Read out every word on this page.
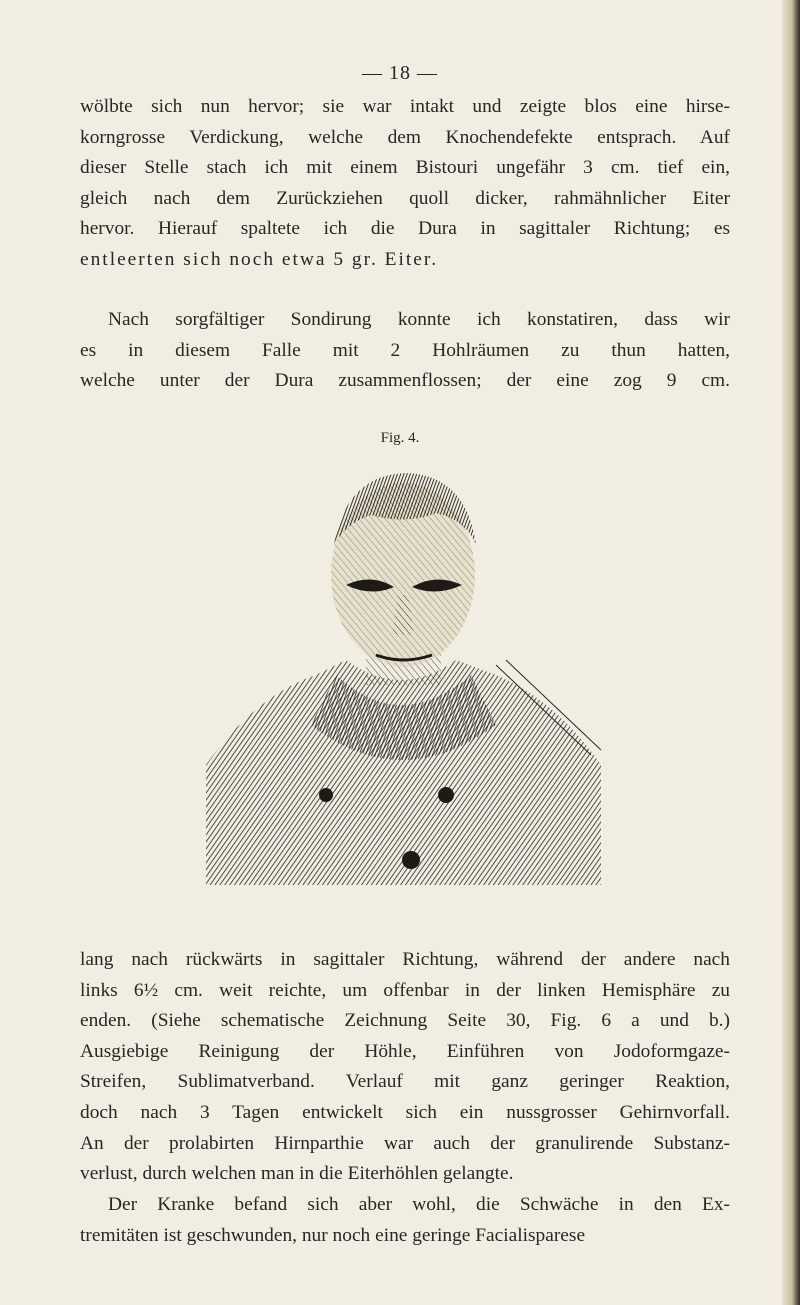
— 18 —

wölbte sich nun hervor; sie war intakt und zeigte blos eine hirse-
korngrosse Verdickung, welche dem Knochendefekte entsprach. Auf
dieser Stelle stach ich mit einem Bistouri ungefähr 3 cm. tief ein,
gleich nach dem Zurückziehen quoll dicker, rahmähnlicher Eiter
hervor. Hierauf spaltete ich die Dura in sagittaler Richtung; es
entleerten sich noch etwa 5 gr. Eiter.

Nach sorgfältiger Sondirung konnte ich konstatiren, dass wir
es in diesem Falle mit 2 Hohlräumen zu thun hatten,
welche unter der Dura zusammenflossen; der eine zog 9 cm.

Fig. 4.

lang nach rückwärts in sagittaler Richtung, während der andere nach
links 6½ cm. weit reichte, um offenbar in der linken Hemisphäre zu
enden. (Siehe schematische Zeichnung Seite 30, Fig. 6 a und b.)
Ausgiebige Reinigung der Höhle, Einführen von Jodoformgaze-
Streifen, Sublimatverband. Verlauf mit ganz geringer Reaktion,
doch nach 3 Tagen entwickelt sich ein nussgrosser Gehirnvorfall.
An der prolabirten Hirnparthie war auch der granulirende Substanz-
verlust, durch welchen man in die Eiterhöhlen gelangte.

Der Kranke befand sich aber wohl, die Schwäche in den Ex-
tremitäten ist geschwunden, nur noch eine geringe Facialisparese
